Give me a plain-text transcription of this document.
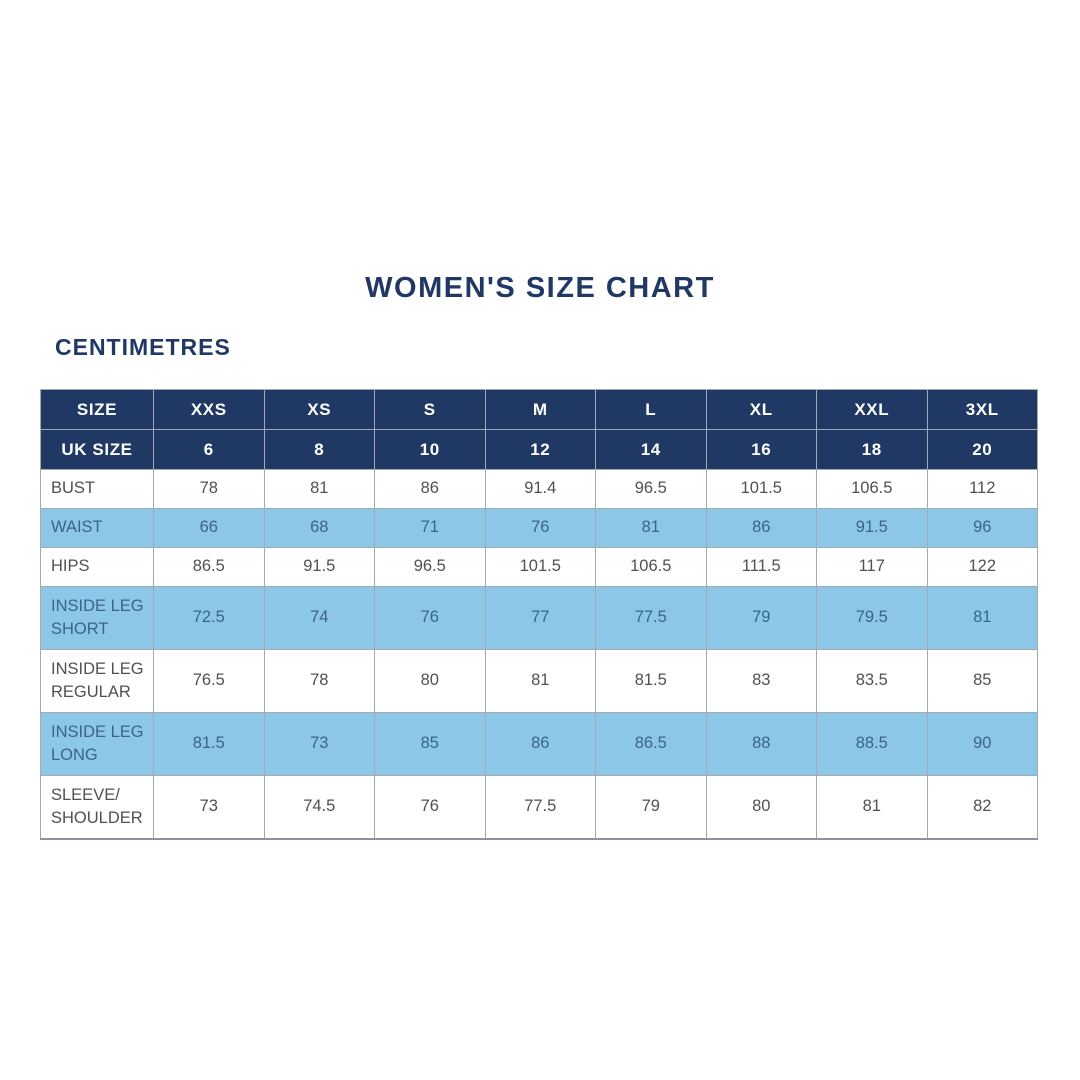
WOMEN'S SIZE CHART
CENTIMETRES
SIZE	XXS	XS	S	M	L	XL	XXL	3XL
UK SIZE	6	8	10	12	14	16	18	20
BUST	78	81	86	91.4	96.5	101.5	106.5	112
WAIST	66	68	71	76	81	86	91.5	96
HIPS	86.5	91.5	96.5	101.5	106.5	111.5	117	122
INSIDE LEG SHORT	72.5	74	76	77	77.5	79	79.5	81
INSIDE LEG REGULAR	76.5	78	80	81	81.5	83	83.5	85
INSIDE LEG LONG	81.5	73	85	86	86.5	88	88.5	90
SLEEVE/ SHOULDER	73	74.5	76	77.5	79	80	81	82
